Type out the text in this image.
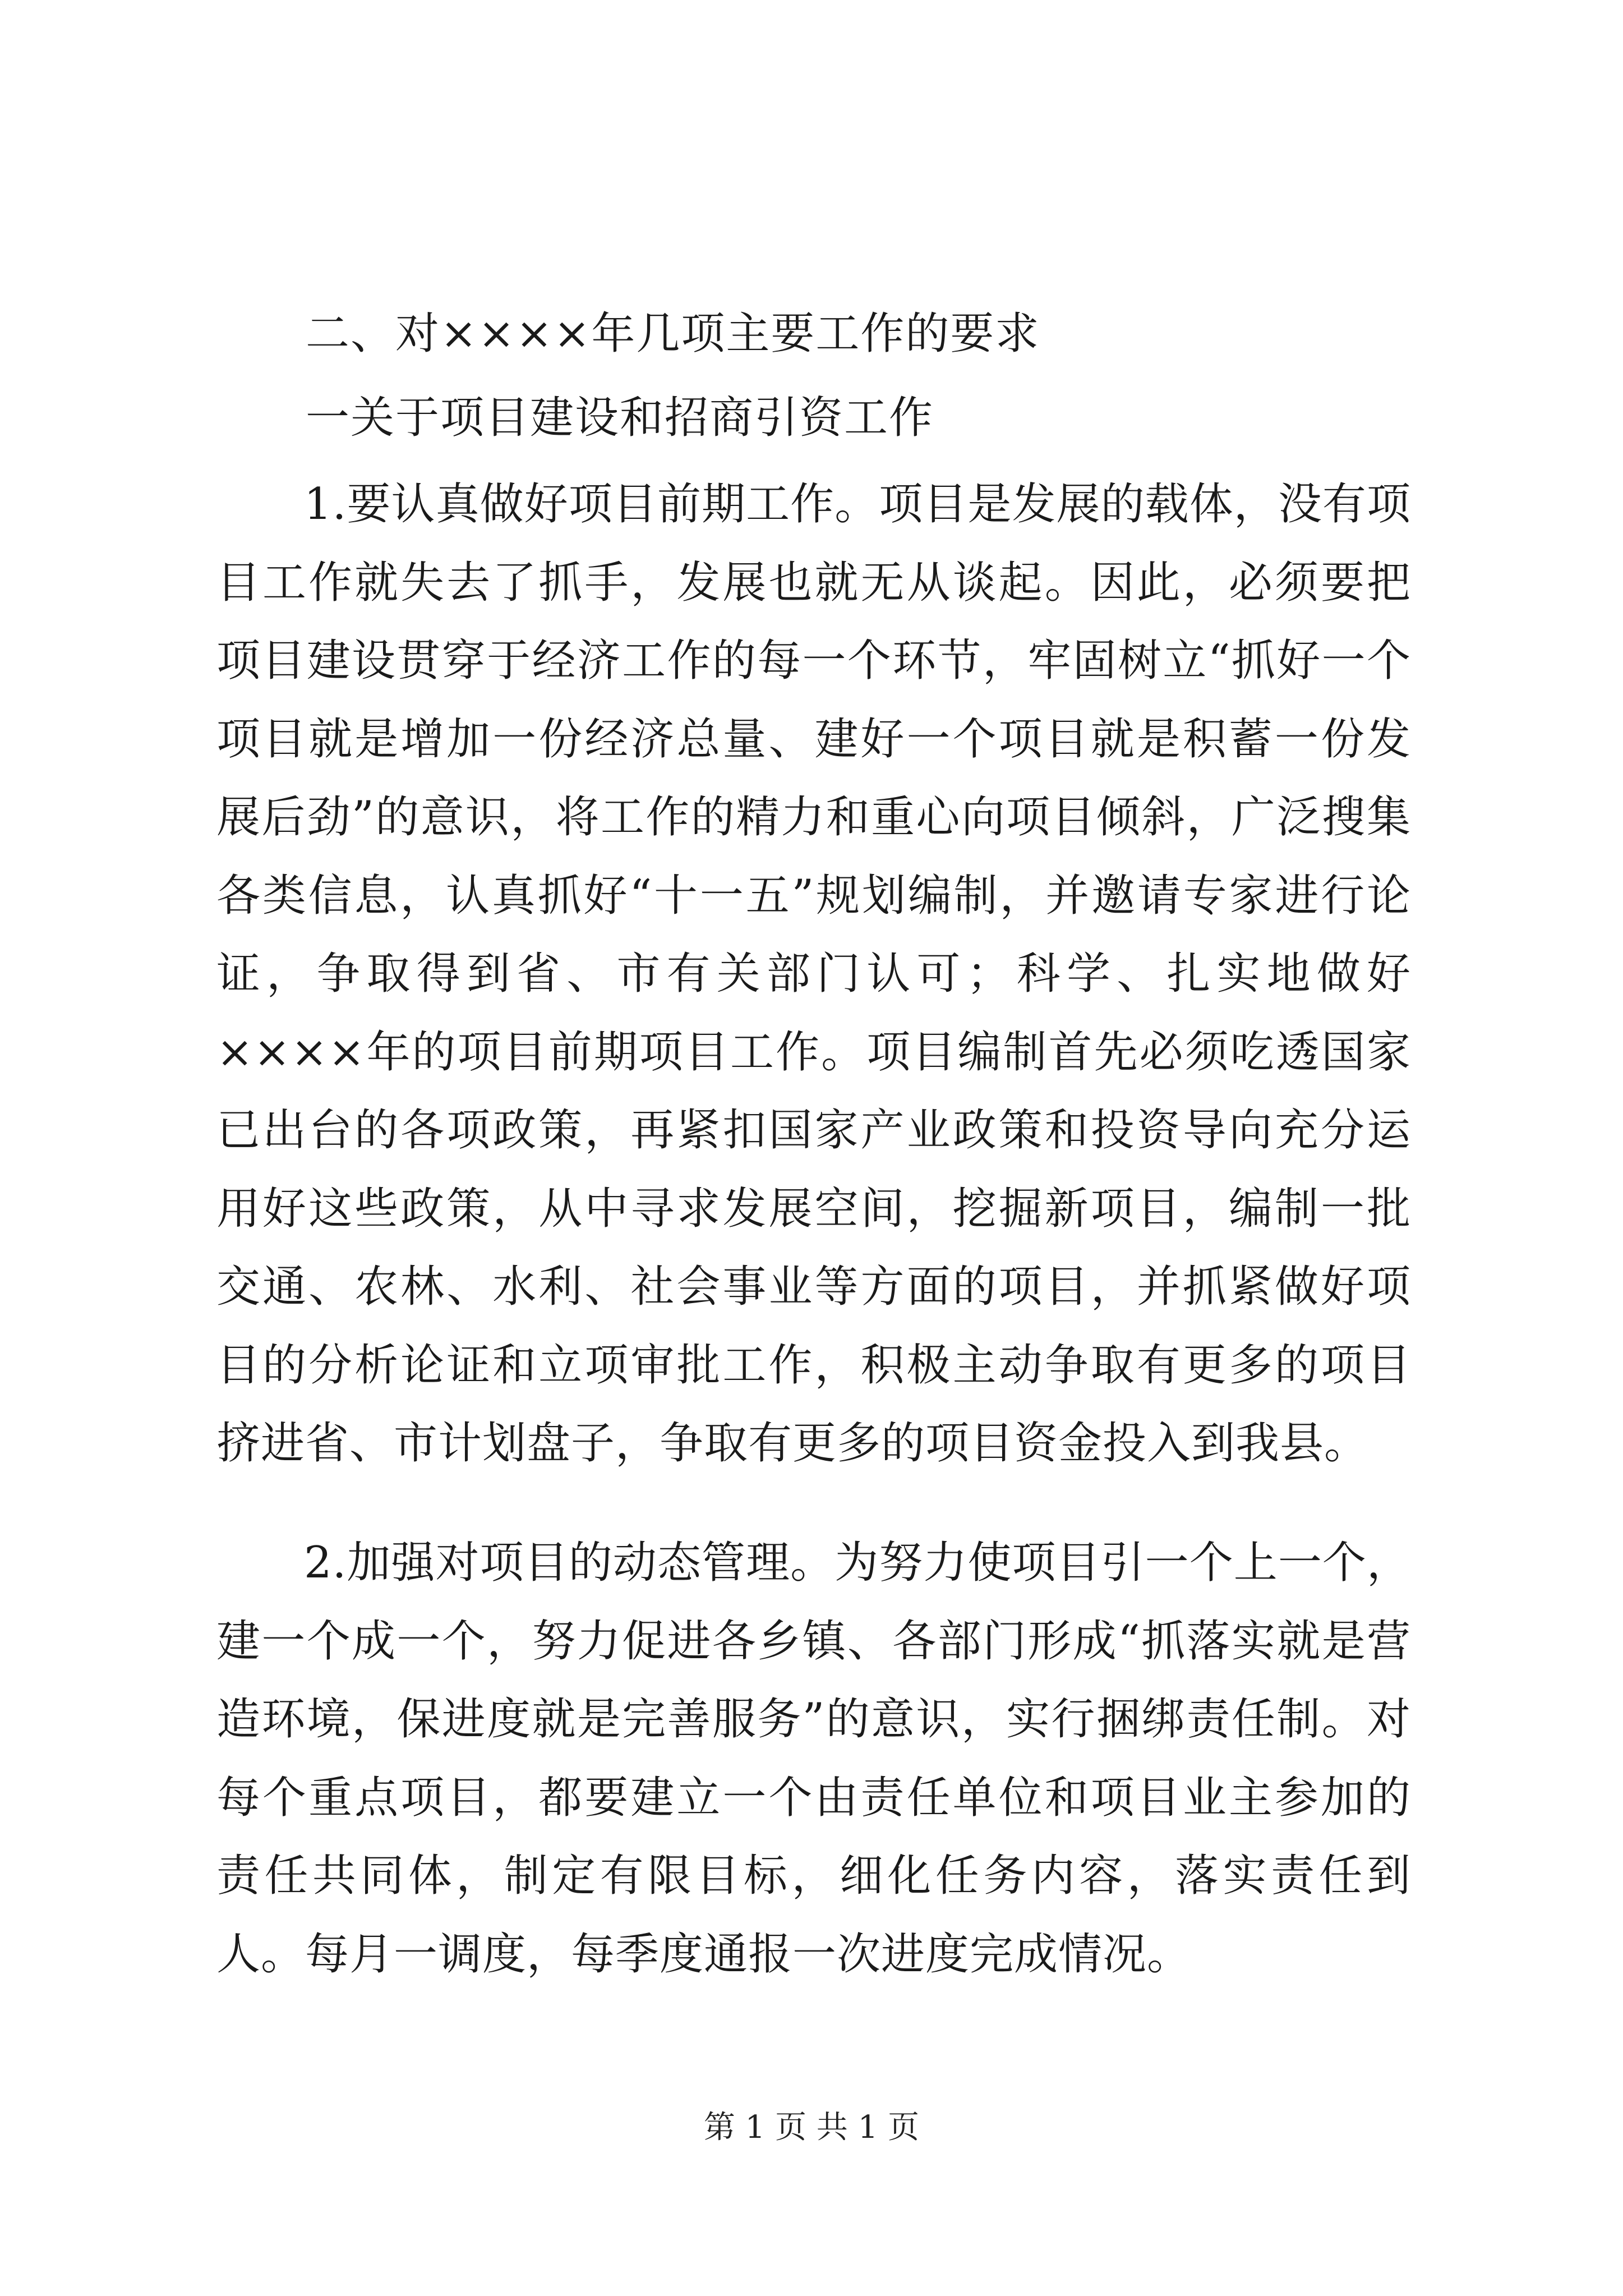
二、对××××年几项主要工作的要求
一关于项目建设和招商引资工作

1.要认真做好项目前期工作。项目是发展的载体，没有项目工作就失去了抓手，发展也就无从谈起。因此，必须要把项目建设贯穿于经济工作的每一个环节，牢固树立“抓好一个项目就是增加一份经济总量、建好一个项目就是积蓄一份发展后劲”的意识，将工作的精力和重心向项目倾斜，广泛搜集各类信息，认真抓好“十一五”规划编制，并邀请专家进行论证，争取得到省、市有关部门认可；科学、扎实地做好××××年的项目前期项目工作。项目编制首先必须吃透国家已出台的各项政策，再紧扣国家产业政策和投资导向充分运用好这些政策，从中寻求发展空间，挖掘新项目，编制一批交通、农林、水利、社会事业等方面的项目，并抓紧做好项目的分析论证和立项审批工作，积极主动争取有更多的项目挤进省、市计划盘子，争取有更多的项目资金投入到我县。

2.加强对项目的动态管理。为努力使项目引一个上一个，建一个成一个，努力促进各乡镇、各部门形成“抓落实就是营造环境，保进度就是完善服务”的意识，实行捆绑责任制。对每个重点项目，都要建立一个由责任单位和项目业主参加的责任共同体，制定有限目标，细化任务内容，落实责任到人。每月一调度，每季度通报一次进度完成情况。

第 1 页 共 1 页
